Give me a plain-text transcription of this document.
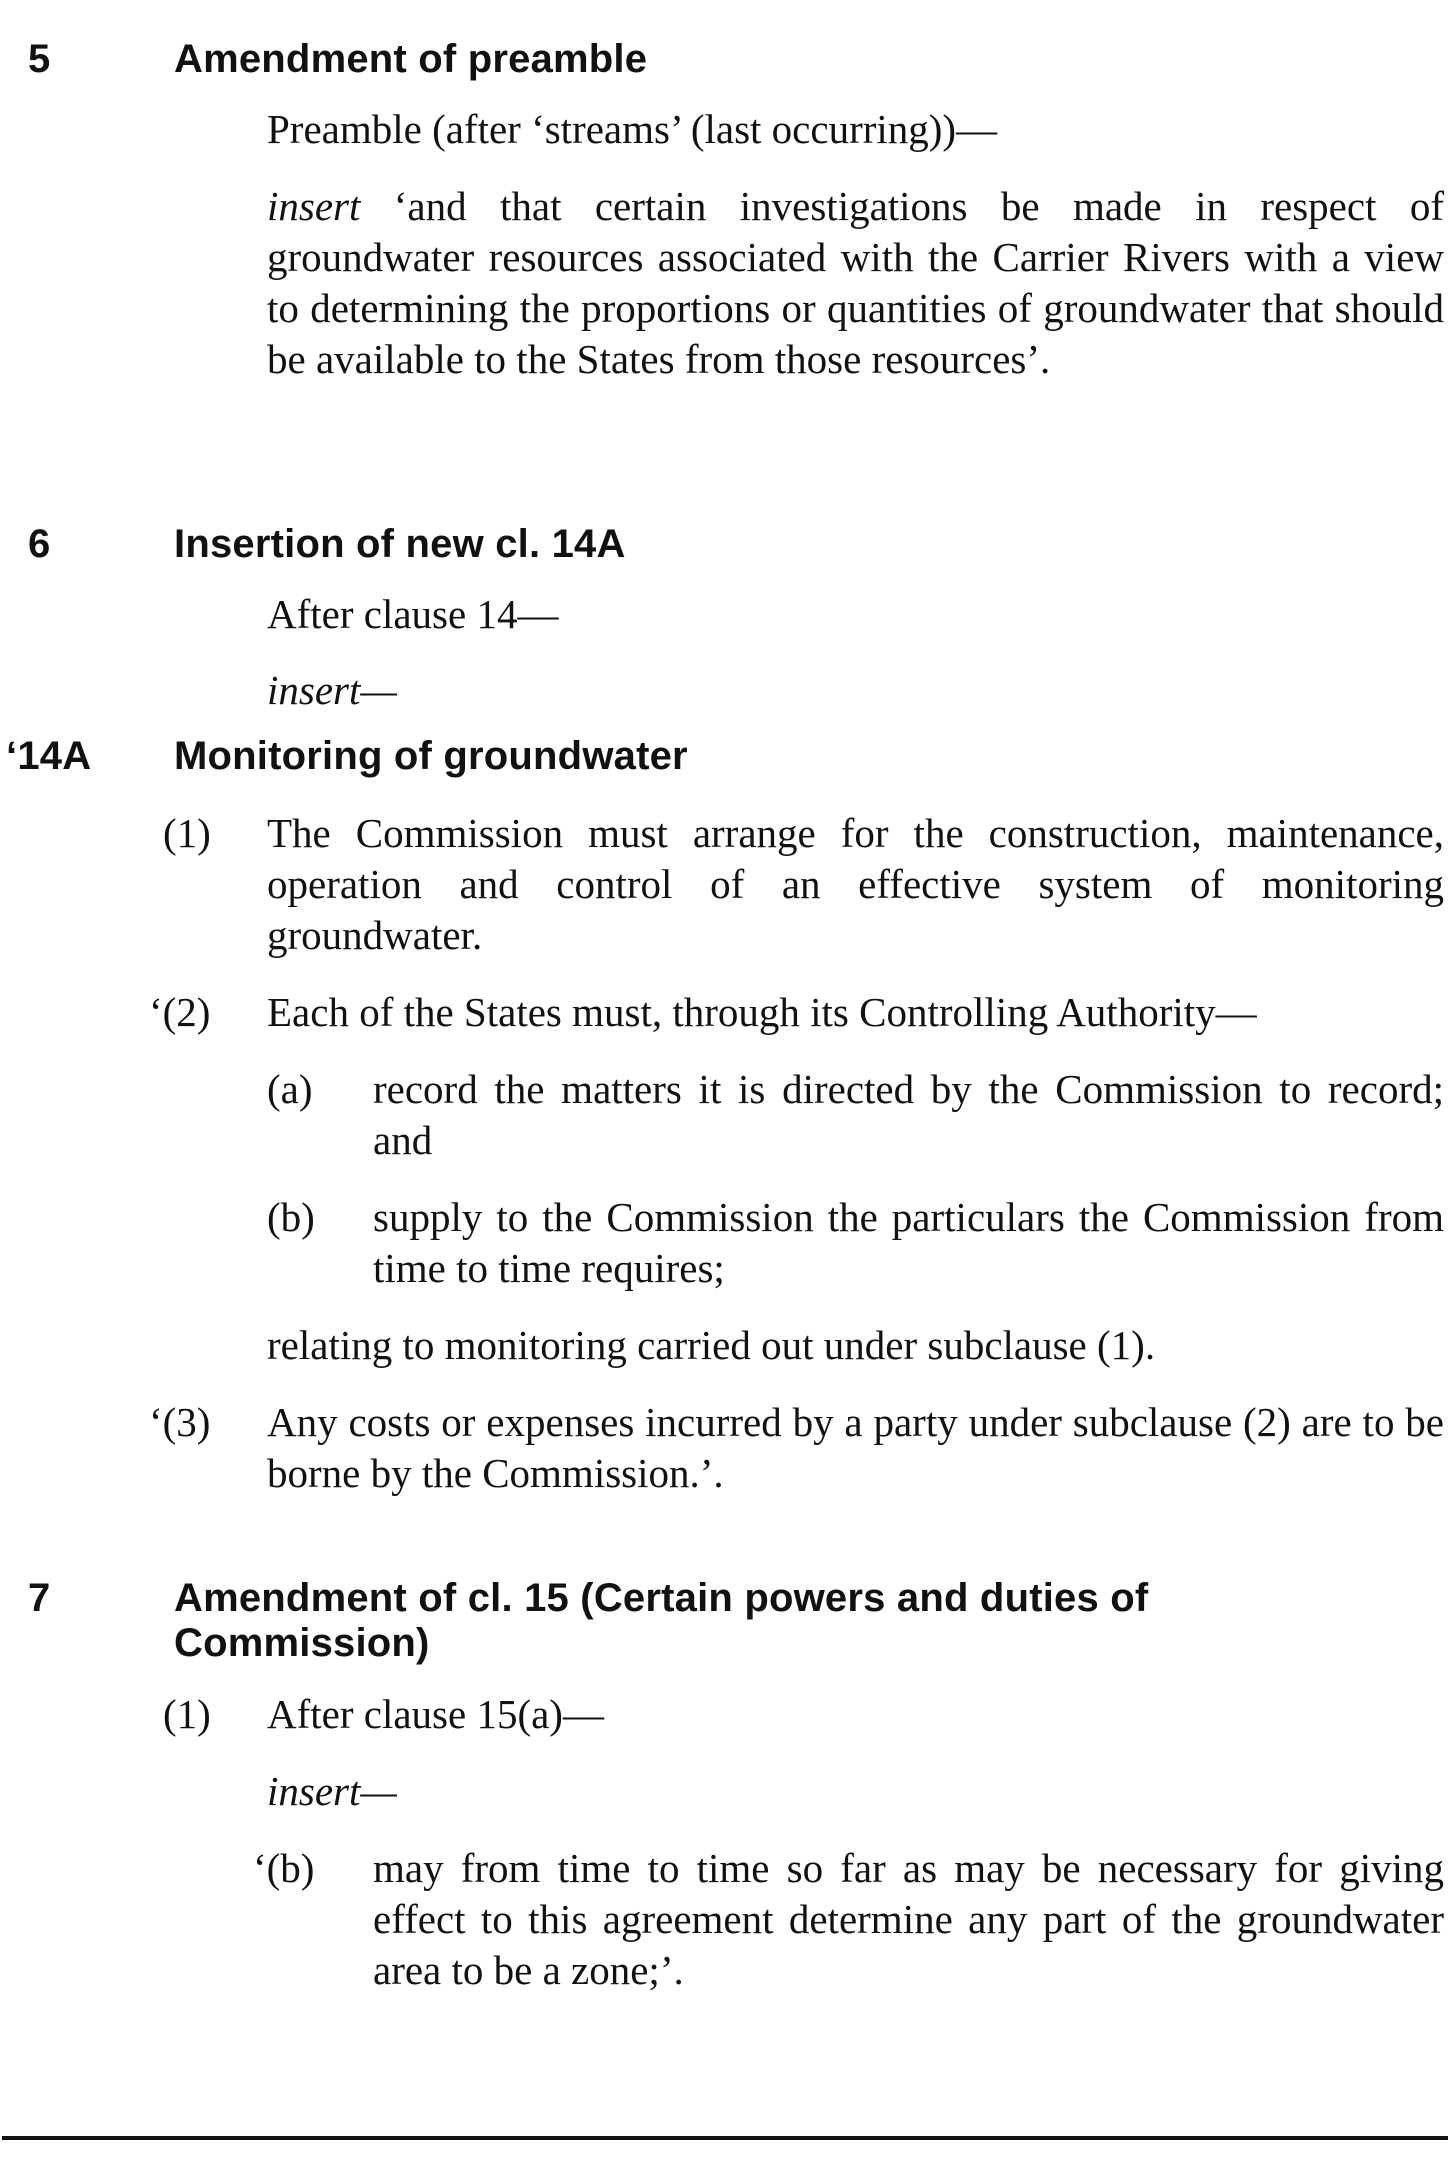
5	Amendment of preamble

Preamble (after ‘streams’ (last occurring))—

insert ‘and that certain investigations be made in respect of groundwater resources associated with the Carrier Rivers with a view to determining the proportions or quantities of groundwater that should be available to the States from those resources’.

6	Insertion of new cl. 14A

After clause 14—

insert—

‘14A Monitoring of groundwater
(1) The Commission must arrange for the construction, maintenance, operation and control of an effective system of monitoring groundwater.

‘(2) Each of the States must, through its Controlling Authority—

(a) record the matters it is directed by the Commission to record; and

(b) supply to the Commission the particulars the Commission from time to time requires;

relating to monitoring carried out under subclause (1).

‘(3) Any costs or expenses incurred by a party under subclause (2) are to be borne by the Commission.’.

7	Amendment of cl. 15 (Certain powers and duties of
Commission)
(1) After clause 15(a)—

insert—

‘(b) may from time to time so far as may be necessary for giving effect to this agreement determine any part of the groundwater area to be a zone;’.
